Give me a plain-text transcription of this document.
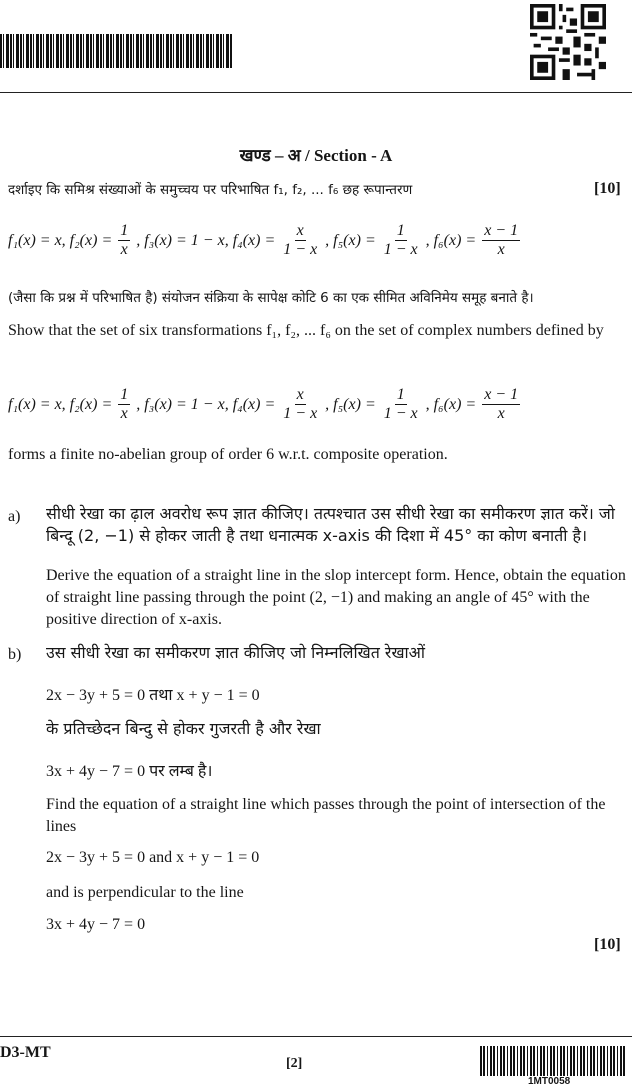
खण्ड – अ / Section - A
दर्शाइए कि समिश्र संख्याओं के समुच्चय पर परिभाषित f₁, f₂, ... f₆ छह रूपान्तरण	[10]
f₁(x) = x, $f_2(x) = \frac{1}{x}$ , f₃(x) = 1 − x, $f_4(x) = \frac{x}{1 - x}$ , $f_5(x) = \frac{1}{1 - x}$ , $f_6(x) = \frac{x - 1}{x}$
(जैसा कि प्रश्न में परिभाषित है) संयोजन संक्रिया के सापेक्ष कोटि 6 का एक सीमित अविनिमेय समूह बनाते है।
Show that the set of six transformations f₁, f₂, ... f₆ on the set of complex numbers defined by
f₁(x) = x, $f_2(x) = \frac{1}{x}$ , f₃(x) = 1 − x, $f_4(x) = \frac{x}{1 - x}$ , $f_5(x) = \frac{1}{1 - x}$ , $f_6(x) = \frac{x - 1}{x}$
forms a finite no-abelian group of order 6 w.r.t. composite operation.
a) सीधी रेखा का ढ़ाल अवरोध रूप ज्ञात कीजिए। तत्पश्चात उस सीधी रेखा का समीकरण ज्ञात करें। जो बिन्दू (2, −1) से होकर जाती है तथा धनात्मक x-axis की दिशा में 45° का कोण बनाती है।
Derive the equation of a straight line in the slop intercept form. Hence, obtain the equation of straight line passing through the point (2, −1) and making an angle of 45° with the positive direction of x-axis.
b) उस सीधी रेखा का समीकरण ज्ञात कीजिए जो निम्नलिखित रेखाओं
2x − 3y + 5 = 0 तथा x + y − 1 = 0
के प्रतिच्छेदन बिन्दु से होकर गुजरती है और रेखा
3x + 4y − 7 = 0 पर लम्ब है।
Find the equation of a straight line which passes through the point of intersection of the lines
2x − 3y + 5 = 0 and x + y − 1 = 0
and is perpendicular to the line
3x + 4y − 7 = 0
[10]
D3-MT
[2]
1MT0058
